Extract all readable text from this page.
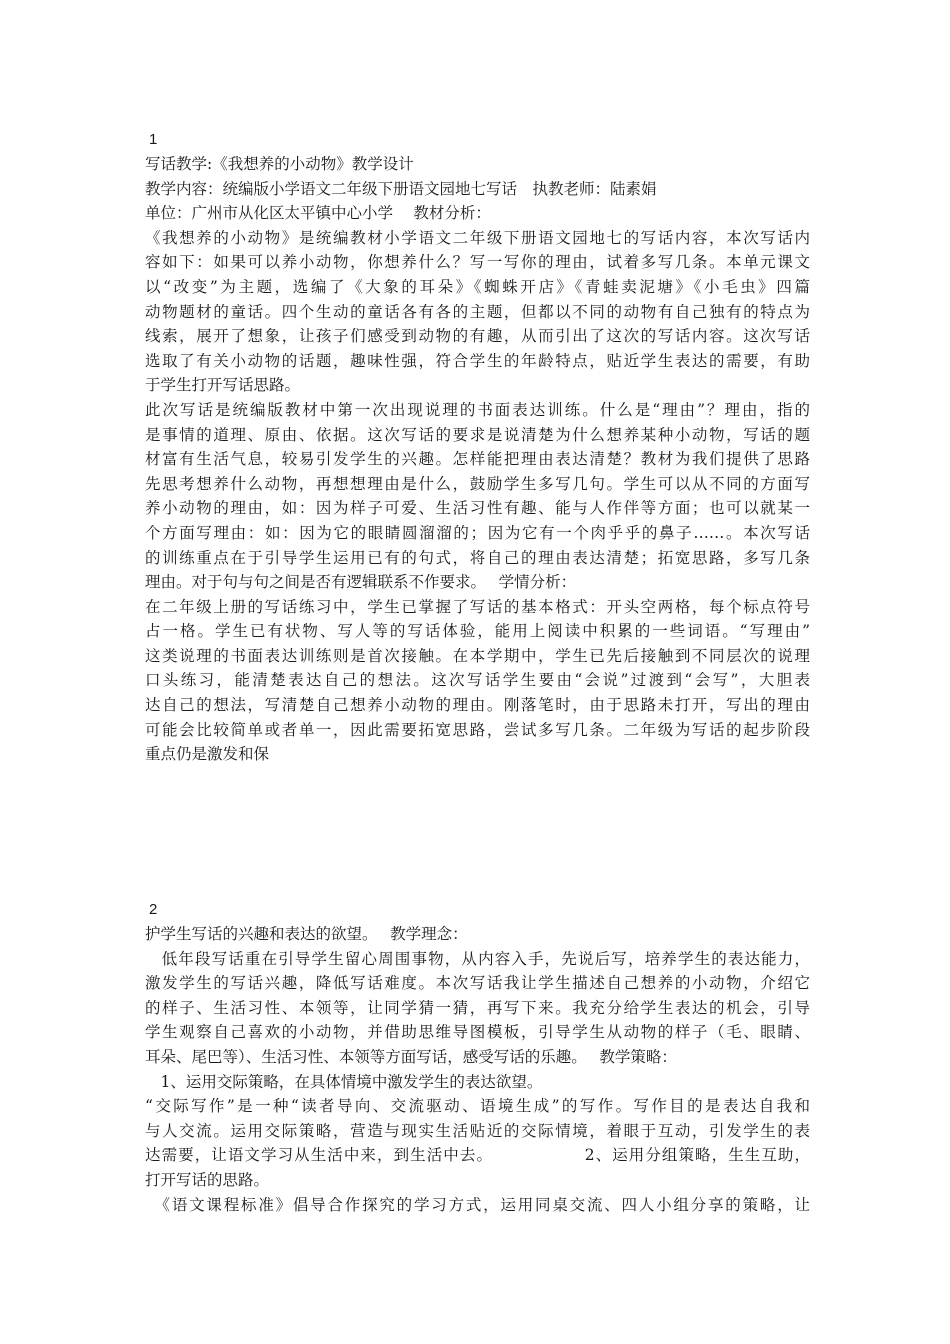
1
写话教学:《我想养的小动物》教学设计
教学内容：统编版小学语文二年级下册语文园地七写话　执教老师：陆素娟
单位：广州市从化区太平镇中心小学　 教材分析：
《我想养的小动物》是统编教材小学语文二年级下册语文园地七的写话内容，本次写话内
容如下：如果可以养小动物，你想养什么？写一写你的理由，试着多写几条。本单元课文
以“改变”为主题，选编了《大象的耳朵》《蜘蛛开店》《青蛙卖泥塘》《小毛虫》四篇
动物题材的童话。四个生动的童话各有各的主题，但都以不同的动物有自己独有的特点为
线索，展开了想象，让孩子们感受到动物的有趣，从而引出了这次的写话内容。这次写话
选取了有关小动物的话题，趣味性强，符合学生的年龄特点，贴近学生表达的需要，有助
于学生打开写话思路。
此次写话是统编版教材中第一次出现说理的书面表达训练。什么是“理由”？理由，指的
是事情的道理、原由、依据。这次写话的要求是说清楚为什么想养某种小动物，写话的题
材富有生活气息，较易引发学生的兴趣。怎样能把理由表达清楚？教材为我们提供了思路
先思考想养什么动物，再想想理由是什么，鼓励学生多写几句。学生可以从不同的方面写
养小动物的理由，如：因为样子可爱、生活习性有趣、能与人作伴等方面；也可以就某一
个方面写理由：如：因为它的眼睛圆溜溜的；因为它有一个肉乎乎的鼻子……。本次写话
的训练重点在于引导学生运用已有的句式，将自己的理由表达清楚；拓宽思路，多写几条
理由。对于句与句之间是否有逻辑联系不作要求。　 学情分析：
在二年级上册的写话练习中，学生已掌握了写话的基本格式：开头空两格，每个标点符号
占一格。学生已有状物、写人等的写话体验，能用上阅读中积累的一些词语。“写理由”
这类说理的书面表达训练则是首次接触。在本学期中，学生已先后接触到不同层次的说理
口头练习，能清楚表达自己的想法。这次写话学生要由“会说”过渡到“会写”，大胆表
达自己的想法，写清楚自己想养小动物的理由。刚落笔时，由于思路未打开，写出的理由
可能会比较简单或者单一，因此需要拓宽思路，尝试多写几条。二年级为写话的起步阶段
重点仍是激发和保
2
护学生写话的兴趣和表达的欲望。　 教学理念：
　低年段写话重在引导学生留心周围事物，从内容入手，先说后写，培养学生的表达能力，
激发学生的写话兴趣，降低写话难度。本次写话我让学生描述自己想养的小动物，介绍它
的样子、生活习性、本领等，让同学猜一猜，再写下来。我充分给学生表达的机会，引导
学生观察自己喜欢的小动物，并借助思维导图模板，引导学生从动物的样子（毛、眼睛、
耳朵、尾巴等）、生活习性、本领等方面写话，感受写话的乐趣。　 教学策略：
　1、运用交际策略，在具体情境中激发学生的表达欲望。
“交际写作”是一种“读者导向、交流驱动、语境生成”的写作。写作目的是表达自我和
与人交流。运用交际策略，营造与现实生活贴近的交际情境，着眼于互动，引发学生的表
达需要，让语文学习从生活中来，到生活中去。　　　　　　2、运用分组策略，生生互助，
打开写话的思路。
　《语文课程标准》倡导合作探究的学习方式，运用同桌交流、四人小组分享的策略，让
